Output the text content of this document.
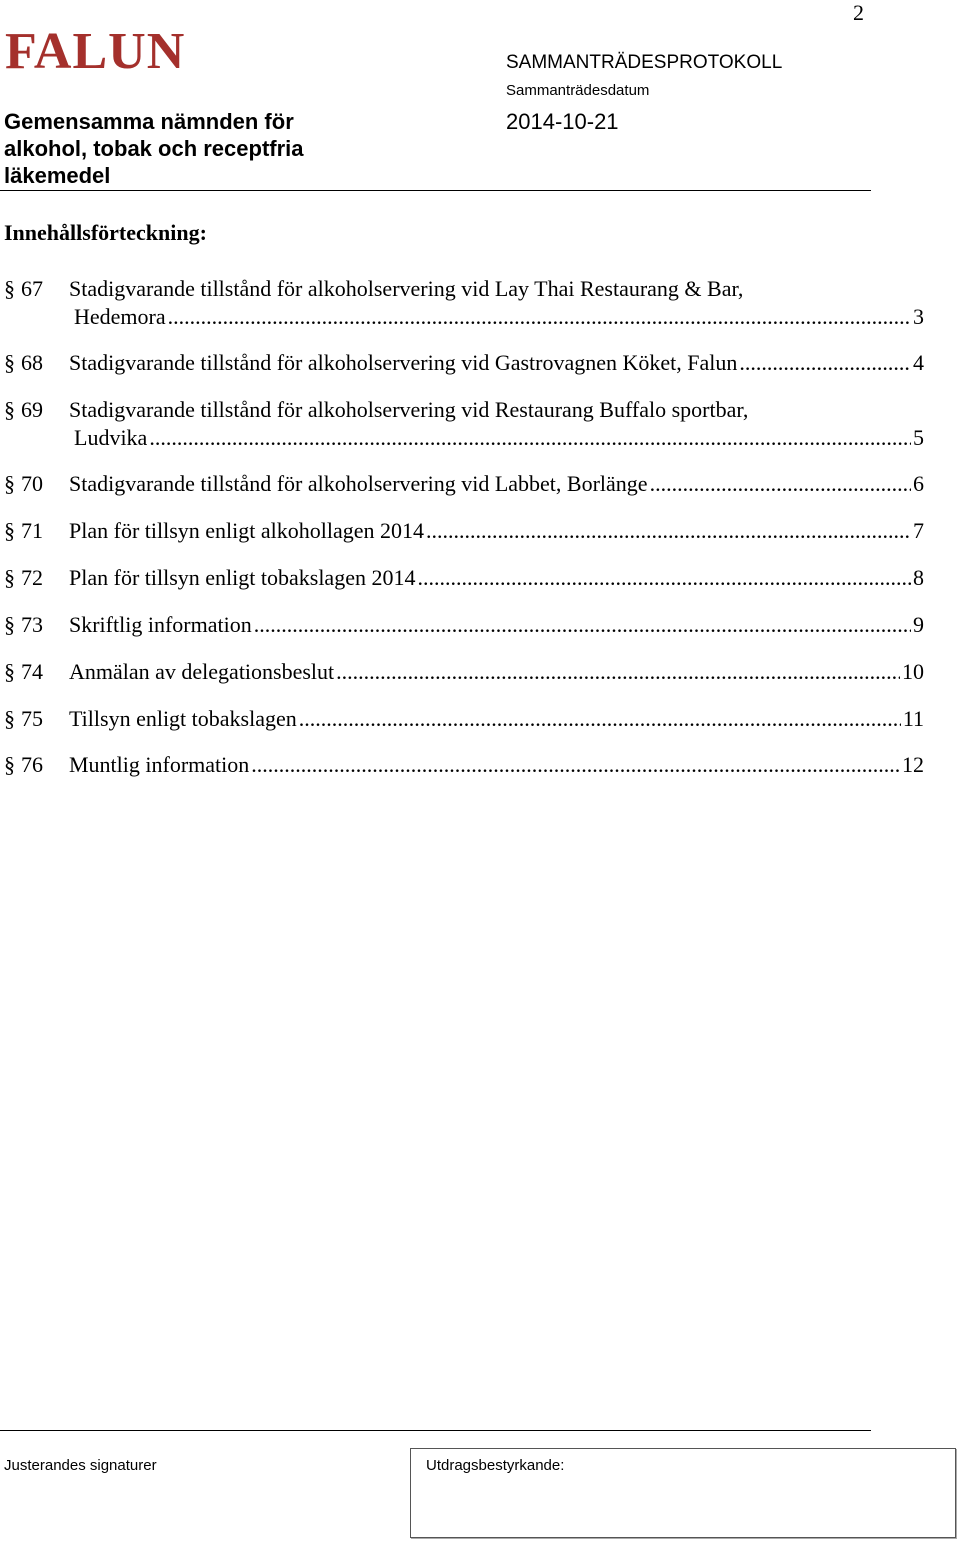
2
FALUN	SAMMANTRÄDESPROTOKOLL
Sammanträdesdatum
2014-10-21
Gemensamma nämnden för
alkohol, tobak och receptfria
läkemedel
Innehållsförteckning:
§ 67 Stadigvarande tillstånd för alkoholservering vid Lay Thai Restaurang & Bar,
Hedemora .....	3
§ 68 Stadigvarande tillstånd för alkoholservering vid Gastrovagnen Köket, Falun .....	4
§ 69 Stadigvarande tillstånd för alkoholservering vid Restaurang Buffalo sportbar,
Ludvika .....	5
§ 70 Stadigvarande tillstånd för alkoholservering vid Labbet, Borlänge .....	6
§ 71 Plan för tillsyn enligt alkohollagen 2014 .....	7
§ 72 Plan för tillsyn enligt tobakslagen 2014 .....	8
§ 73 Skriftlig information .....	9
§ 74 Anmälan av delegationsbeslut .....	10
§ 75 Tillsyn enligt tobakslagen .....	11
§ 76 Muntlig information .....	12
Justerandes signaturer	Utdragsbestyrkande:
